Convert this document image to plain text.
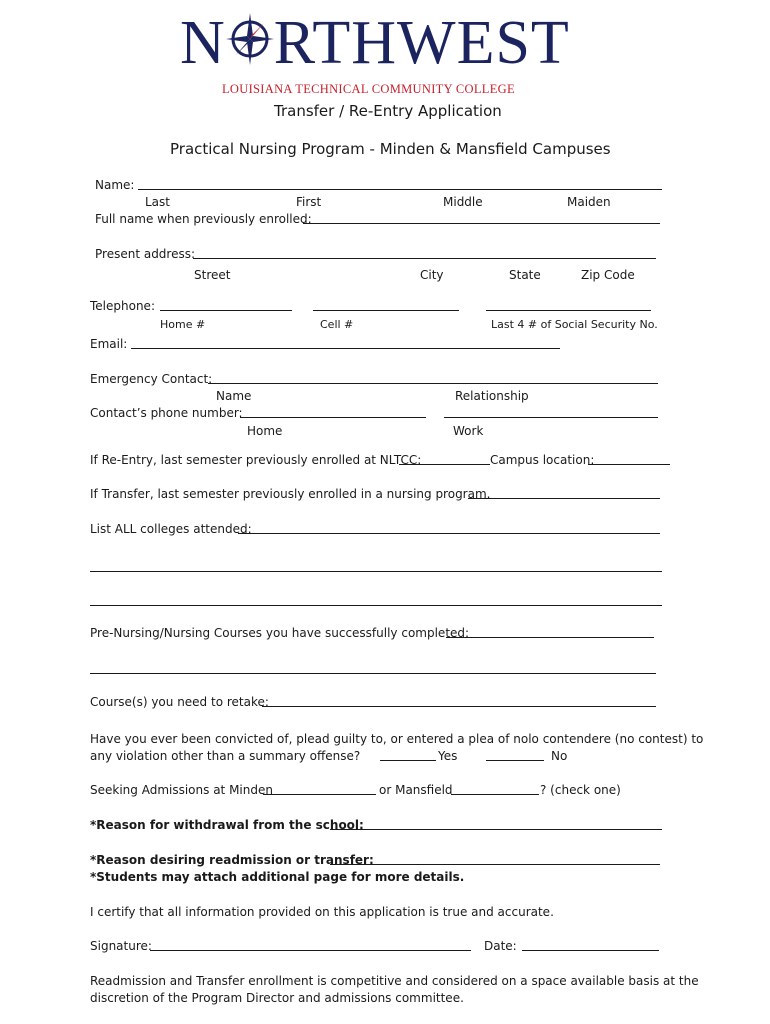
N RTHWEST
LOUISIANA TECHNICAL COMMUNITY COLLEGE
Transfer / Re-Entry Application
Practical Nursing Program - Minden & Mansfield Campuses
Name:
Last	First	Middle	Maiden
Full name when previously enrolled:
Present address:
Street	City	State	Zip Code
Telephone:
Home #	Cell #	Last 4 # of Social Security No.
Email:
Emergency Contact:
Name	Relationship
Contact’s phone number:
Home	Work
If Re-Entry, last semester previously enrolled at NLTCC:	Campus location:
If Transfer, last semester previously enrolled in a nursing program.
List ALL colleges attended:
Pre-Nursing/Nursing Courses you have successfully completed:
Course(s) you need to retake:
Have you ever been convicted of, plead guilty to, or entered a plea of nolo contendere (no contest) to
any violation other than a summary offense?	Yes	No
Seeking Admissions at Minden	or Mansfield	? (check one)
*Reason for withdrawal from the school:
*Reason desiring readmission or transfer:
*Students may attach additional page for more details.
I certify that all information provided on this application is true and accurate.
Signature:	Date:
Readmission and Transfer enrollment is competitive and considered on a space available basis at the
discretion of the Program Director and admissions committee.
